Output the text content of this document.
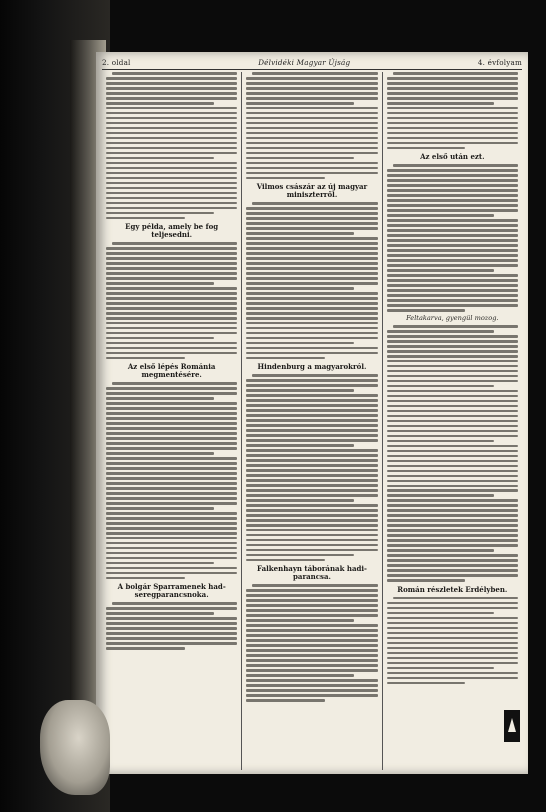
2. oldal	Délvidéki Magyar Újság	4. évfolyam
Egy példa, amely be fog teljesedni.
Az első lépés Románia megmentésére.
A bolgár Sparramenek had-seregparancsnoka.
Vilmos császár az új magyar miniszterről.
Hindenburg a magyarokról.
Falkenhayn táborának hadi-parancsa.
Az első után ezt.
Feltakarva, gyengül mozog.
Román részletek Erdélyben.
